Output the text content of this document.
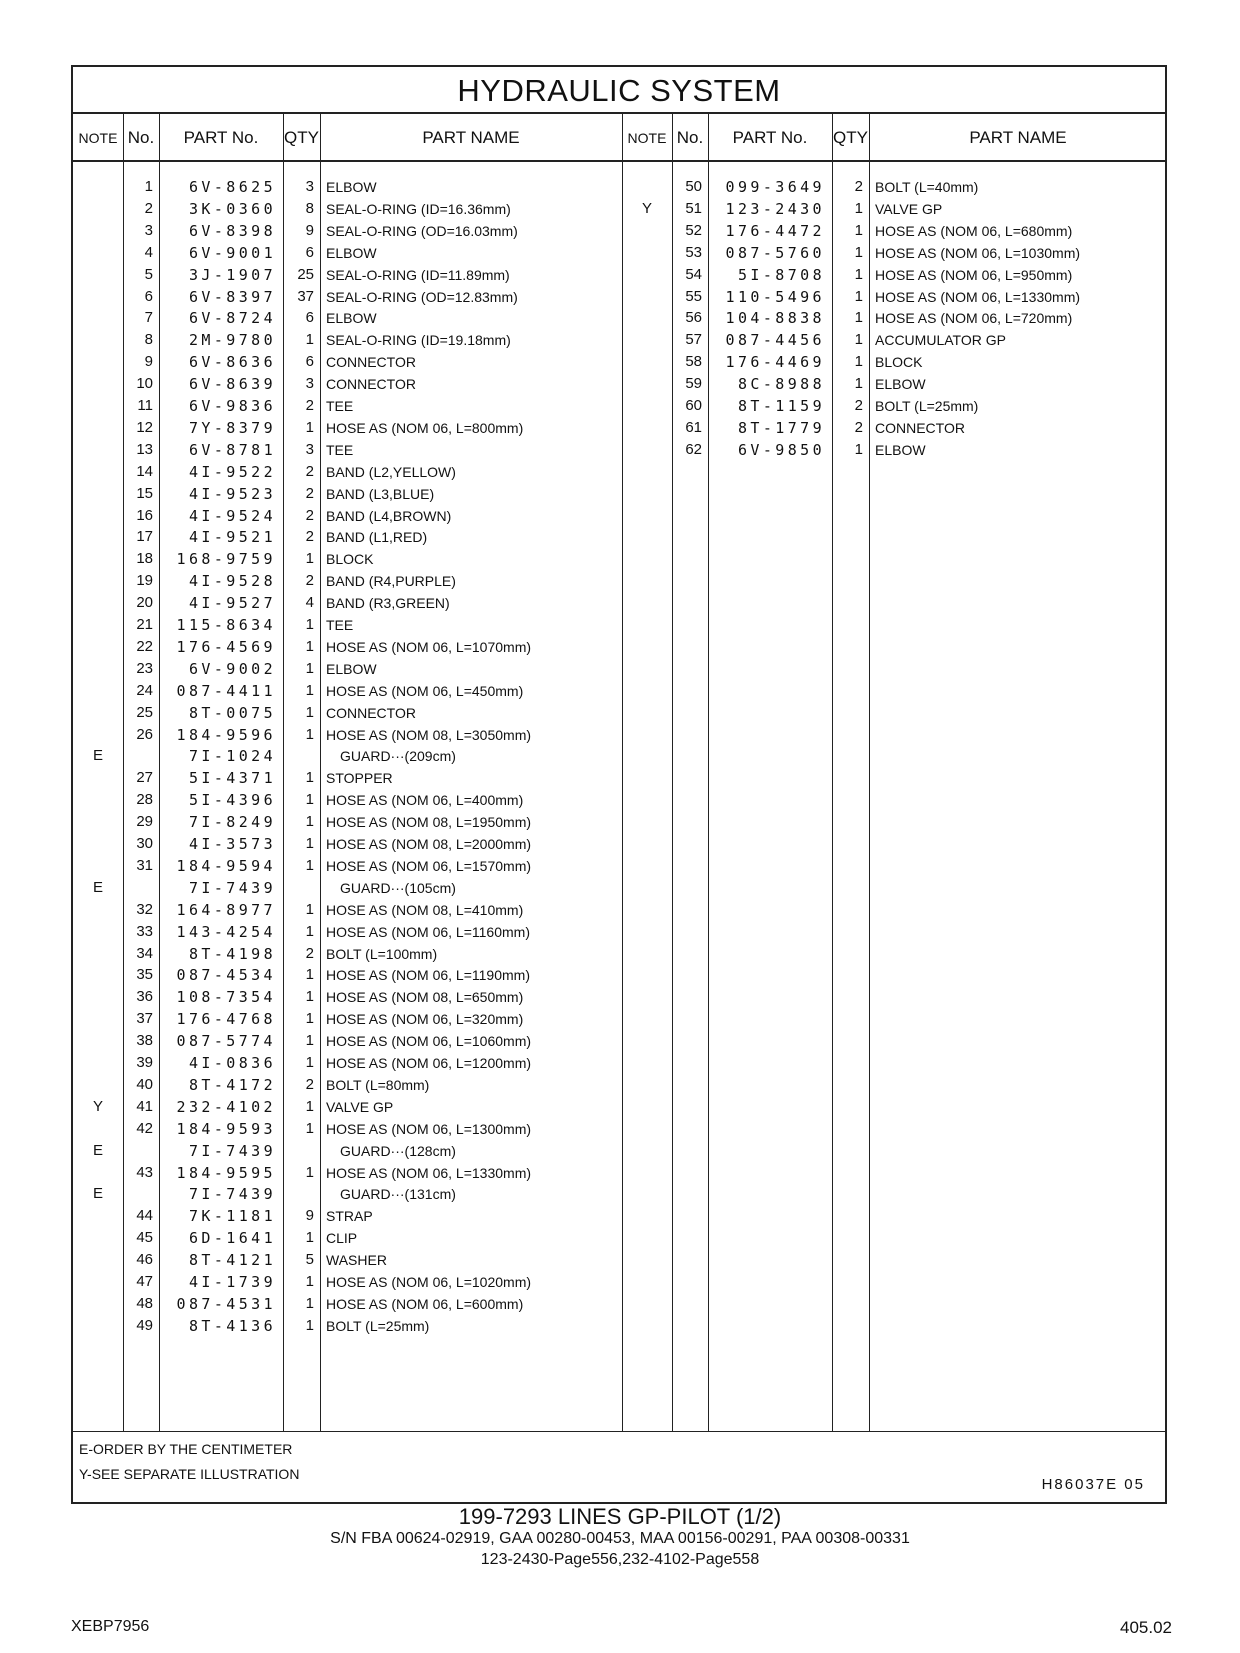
HYDRAULIC SYSTEM
NOTE No.	PART No.	QTY	PART NAME	NOTE No.	PART No.	QTY	PART NAME
1	6V-8625	3 ELBOW
2	3K-0360	8 SEAL-O-RING (ID=16.36mm)
3	6V-8398	9 SEAL-O-RING (OD=16.03mm)
4	6V-9001	6 ELBOW
5	3J-1907	25 SEAL-O-RING (ID=11.89mm)
6	6V-8397	37 SEAL-O-RING (OD=12.83mm)
7	6V-8724	6 ELBOW
8	2M-9780	1 SEAL-O-RING (ID=19.18mm)
9	6V-8636	6 CONNECTOR
10	6V-8639	3 CONNECTOR
11	6V-9836	2 TEE
12	7Y-8379	1 HOSE AS (NOM 06, L=800mm)
13	6V-8781	3 TEE
14	4I-9522	2 BAND (L2,YELLOW)
15	4I-9523	2 BAND (L3,BLUE)
16	4I-9524	2 BAND (L4,BROWN)
17	4I-9521	2 BAND (L1,RED)
18	168-9759	1 BLOCK
19	4I-9528	2 BAND (R4,PURPLE)
20	4I-9527	4 BAND (R3,GREEN)
21	115-8634	1 TEE
22	176-4569	1 HOSE AS (NOM 06, L=1070mm)
23	6V-9002	1 ELBOW
24	087-4411	1 HOSE AS (NOM 06, L=450mm)
25	8T-0075	1 CONNECTOR
26	184-9596	1 HOSE AS (NOM 08, L=3050mm)
E	7I-1024	GUARD···(209cm)
27	5I-4371	1 STOPPER
28	5I-4396	1 HOSE AS (NOM 06, L=400mm)
29	7I-8249	1 HOSE AS (NOM 08, L=1950mm)
30	4I-3573	1 HOSE AS (NOM 08, L=2000mm)
31	184-9594	1 HOSE AS (NOM 06, L=1570mm)
E	7I-7439	GUARD···(105cm)
32	164-8977	1 HOSE AS (NOM 08, L=410mm)
33	143-4254	1 HOSE AS (NOM 06, L=1160mm)
34	8T-4198	2 BOLT (L=100mm)
35	087-4534	1 HOSE AS (NOM 06, L=1190mm)
36	108-7354	1 HOSE AS (NOM 08, L=650mm)
37	176-4768	1 HOSE AS (NOM 06, L=320mm)
38	087-5774	1 HOSE AS (NOM 06, L=1060mm)
39	4I-0836	1 HOSE AS (NOM 06, L=1200mm)
40	8T-4172	2 BOLT (L=80mm)
Y	41	232-4102	1 VALVE GP
42	184-9593	1 HOSE AS (NOM 06, L=1300mm)
E	7I-7439	GUARD···(128cm)
43	184-9595	1 HOSE AS (NOM 06, L=1330mm)
E	7I-7439	GUARD···(131cm)
44	7K-1181	9 STRAP
45	6D-1641	1 CLIP
46	8T-4121	5 WASHER
47	4I-1739	1 HOSE AS (NOM 06, L=1020mm)
48	087-4531	1 HOSE AS (NOM 06, L=600mm)
49	8T-4136	1 BOLT (L=25mm)
50	099-3649	2 BOLT (L=40mm)
Y	51	123-2430	1 VALVE GP
52	176-4472	1 HOSE AS (NOM 06, L=680mm)
53	087-5760	1 HOSE AS (NOM 06, L=1030mm)
54	5I-8708	1 HOSE AS (NOM 06, L=950mm)
55	110-5496	1 HOSE AS (NOM 06, L=1330mm)
56	104-8838	1 HOSE AS (NOM 06, L=720mm)
57	087-4456	1 ACCUMULATOR GP
58	176-4469	1 BLOCK
59	8C-8988	1 ELBOW
60	8T-1159	2 BOLT (L=25mm)
61	8T-1779	2 CONNECTOR
62	6V-9850	1 ELBOW
E-ORDER BY THE CENTIMETER
Y-SEE SEPARATE ILLUSTRATION
H86037E 05
199-7293 LINES GP-PILOT (1/2)
S/N FBA 00624-02919, GAA 00280-00453, MAA 00156-00291, PAA 00308-00331
123-2430-Page556,232-4102-Page558
XEBP7956	405.02
